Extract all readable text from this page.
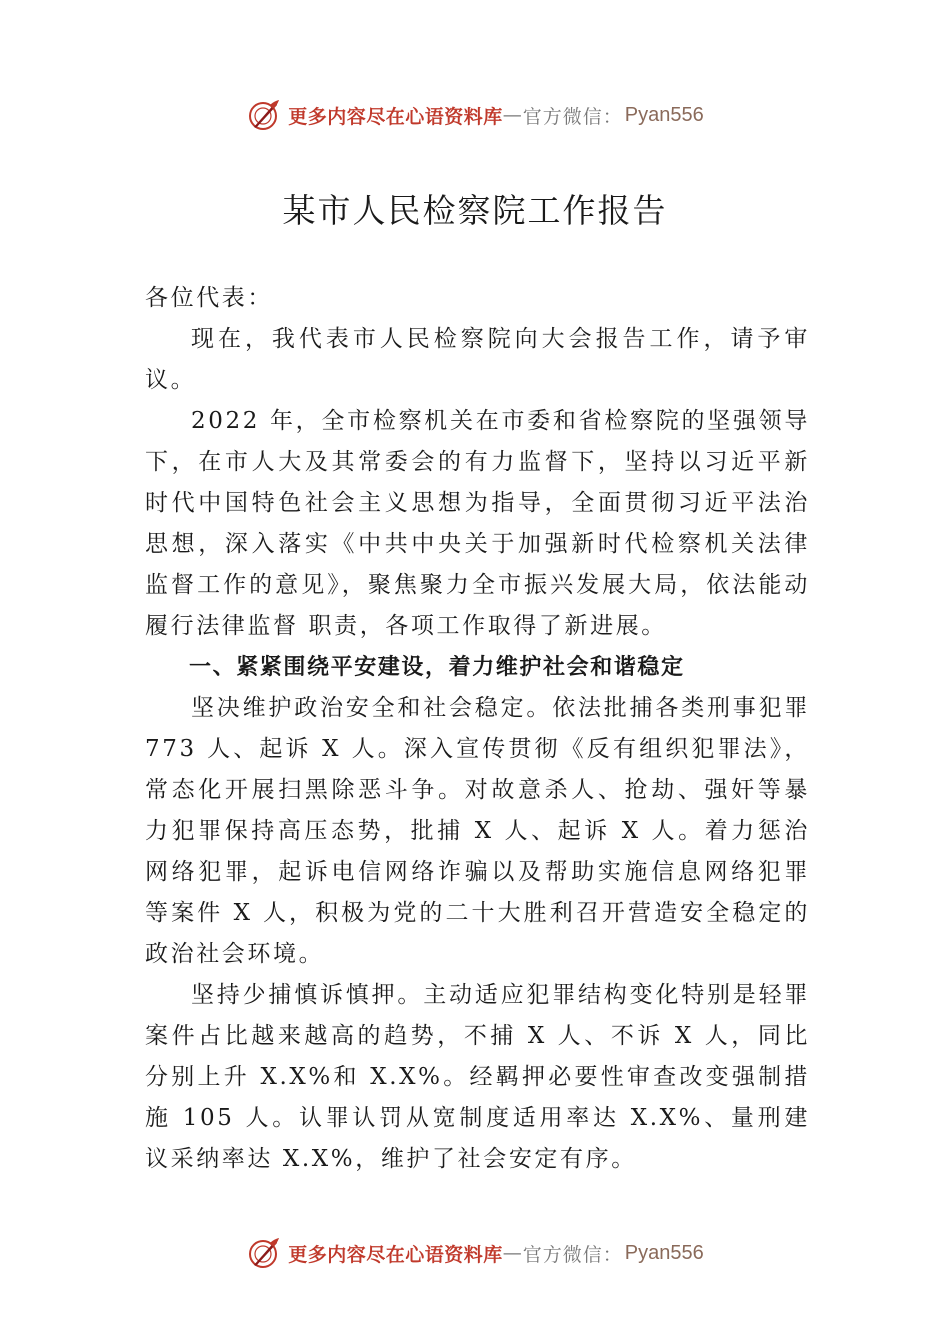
更多内容尽在心语资料库 — 官方微信： Pyan556
某市人民检察院工作报告

各位代表：

现在，我代表市人民检察院向大会报告工作，请予审议。

2022 年，全市检察机关在市委和省检察院的坚强领导下，在市人大及其常委会的有力监督下，坚持以习近平新时代中国特色社会主义思想为指导，全面贯彻习近平法治思想，深入落实《中共中央关于加强新时代检察机关法律监督工作的意见》，聚焦聚力全市振兴发展大局，依法能动履行法律监督 职责，各项工作取得了新进展。

一、紧紧围绕平安建设，着力维护社会和谐稳定

坚决维护政治安全和社会稳定。依法批捕各类刑事犯罪 773 人、起诉 X 人。深入宣传贯彻《反有组织犯罪法》，常态化开展扫黑除恶斗争。对故意杀人、抢劫、强奸等暴力犯罪保持高压态势，批捕 X 人、起诉 X 人。着力惩治网络犯罪，起诉电信网络诈骗以及帮助实施信息网络犯罪等案件 X 人，积极为党的二十大胜利召开营造安全稳定的政治社会环境。

坚持少捕慎诉慎押。主动适应犯罪结构变化特别是轻罪案件占比越来越高的趋势，不捕 X 人、不诉 X 人，同比分别上升 X.X%和 X.X%。经羁押必要性审查改变强制措施 105 人。认罪认罚从宽制度适用率达 X.X%、量刑建议采纳率达 X.X%，维护了社会安定有序。

更多内容尽在心语资料库 — 官方微信： Pyan556
